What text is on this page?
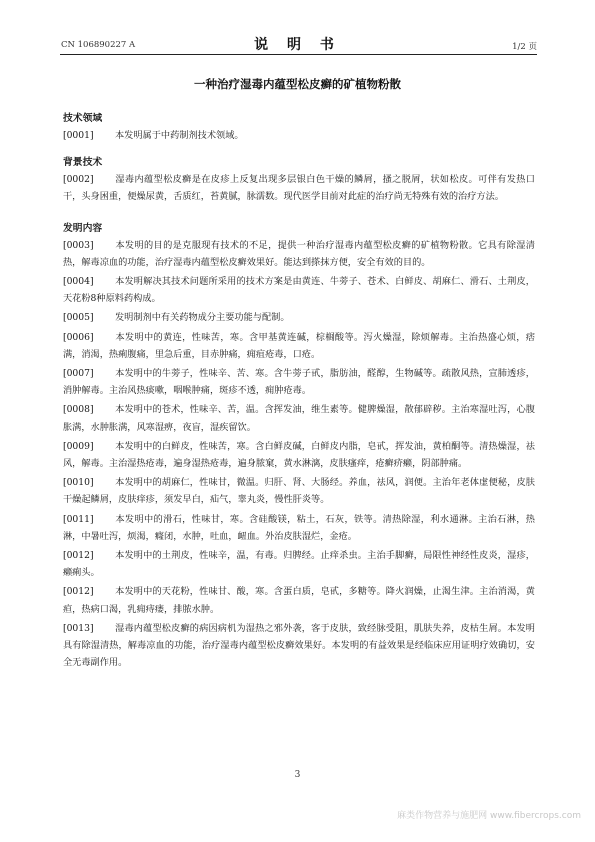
CN 106890227 A	说 明 书	1/2 页
一种治疗湿毒内蕴型松皮癣的矿植物粉散

技术领域

[0001] 本发明属于中药制剂技术领域。

背景技术

[0002] 湿毒内蕴型松皮癣是在皮疹上反复出现多层银白色干燥的鳞屑，搔之脱屑，状如松皮。可伴有发热口干，头身困重，便燥尿黄，舌质红，苔黄腻，脉濡数。现代医学目前对此症的治疗尚无特殊有效的治疗方法。

发明内容

[0003] 本发明的目的是克服现有技术的不足，提供一种治疗湿毒内蕴型松皮癣的矿植物粉散。它具有除湿清热，解毒凉血的功能，治疗湿毒内蕴型松皮癣效果好。能达到搽抹方便，安全有效的目的。

[0004] 本发明解决其技术问题所采用的技术方案是由黄连、牛蒡子、苍术、白鲜皮、胡麻仁、滑石、土荆皮，天花粉8种原料药构成。

[0005] 发明制剂中有关药物成分主要功能与配制。

[0006] 本发明中的黄连，性味苦，寒。含甲基黄连碱，棕榈酸等。泻火燥湿，除烦解毒。主治热盛心烦，痞满，消渴，热痢腹痛，里急后重，目赤肿痛，痈疽疮毒，口疮。

[0007] 本发明中的牛蒡子，性味辛、苦、寒。含牛蒡子甙，脂肪油，醛醇，生物碱等。疏散风热，宣肺透疹，消肿解毒。主治风热痰嗽，咽喉肿痛，斑疹不透，痈肿疮毒。

[0008] 本发明中的苍术，性味辛、苦，温。含挥发油，维生素等。健脾燥湿，散郁辟秽。主治寒湿吐泻，心腹胀满，水肿胀满，风寒湿痹，夜盲，湿疾留饮。

[0009] 本发明中的白鲜皮，性味苦，寒。含白鲜皮碱，白鲜皮内脂，皂甙，挥发油，黄柏酮等。清热燥湿，祛风，解毒。主治湿热疮毒，遍身湿热疮毒，遍身脓窠，黄水淋漓，皮肤瘙痒，疮癣疥癞，阴部肿痛。

[0010] 本发明中的胡麻仁，性味甘，微温。归肝、肾、大肠经。养血，祛风，润便。主治年老体虚便秘，皮肤干燥起鳞屑，皮肤痒疹，须发早白，疝气，睾丸炎，慢性肝炎等。

[0011] 本发明中的滑石，性味甘，寒。含硅酸镁，粘土，石灰，铁等。清热除湿，利水通淋。主治石淋，热淋，中暑吐泻，烦渴，癃闭，水肿，吐血，衄血。外治皮肤湿烂，金疮。

[0012] 本发明中的土荆皮，性味辛，温，有毒。归脾经。止痒杀虫。主治手脚癣，局限性神经性皮炎，湿疹，癞痢头。

[0012] 本发明中的天花粉，性味甘、酸，寒。含蛋白质，皂甙，多糖等。降火润燥，止渴生津。主治消渴，黄疸，热病口渴，乳痈痔瘘，排脓水肿。

[0013] 湿毒内蕴型松皮癣的病因病机为湿热之邪外袭，客于皮肤，致经脉受阻，肌肤失养，皮枯生屑。本发明具有除湿清热，解毒凉血的功能，治疗湿毒内蕴型松皮癣效果好。本发明的有益效果是经临床应用证明疗效确切，安全无毒副作用。

3
麻类作物营养与施肥网 www.fibercrops.com
